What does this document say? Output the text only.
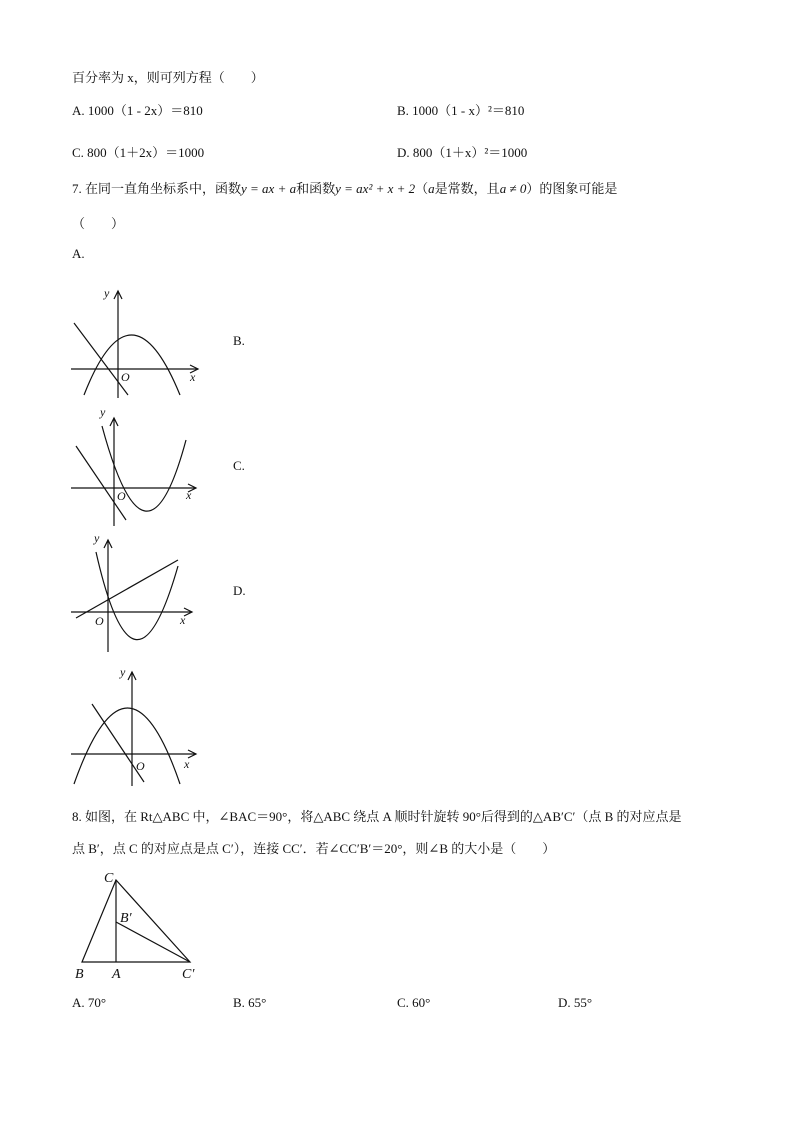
百分率为 x，则可列方程（　　）
A. 1000（1 - 2x）＝810	B. 1000（1 - x）²＝810
C. 800（1＋2x）＝1000	D. 800（1＋x）²＝1000
7. 在同一直角坐标系中，函数y = ax + a和函数y = ax² + x + 2（a是常数，且a ≠ 0）的图象可能是
（　　）
A.
y
x
O
B.
y
x
O
C.
y
x
O
D.
y
x
O
8. 如图，在 Rt△ABC 中，∠BAC＝90°，将△ABC 绕点 A 顺时针旋转 90°后得到的△AB′C′（点 B 的对应点是
点 B′，点 C 的对应点是点 C′），连接 CC′．若∠CC′B′＝20°，则∠B 的大小是（　　）
C
B′
B A	C′
A. 70°	B. 65°	C. 60°	D. 55°
